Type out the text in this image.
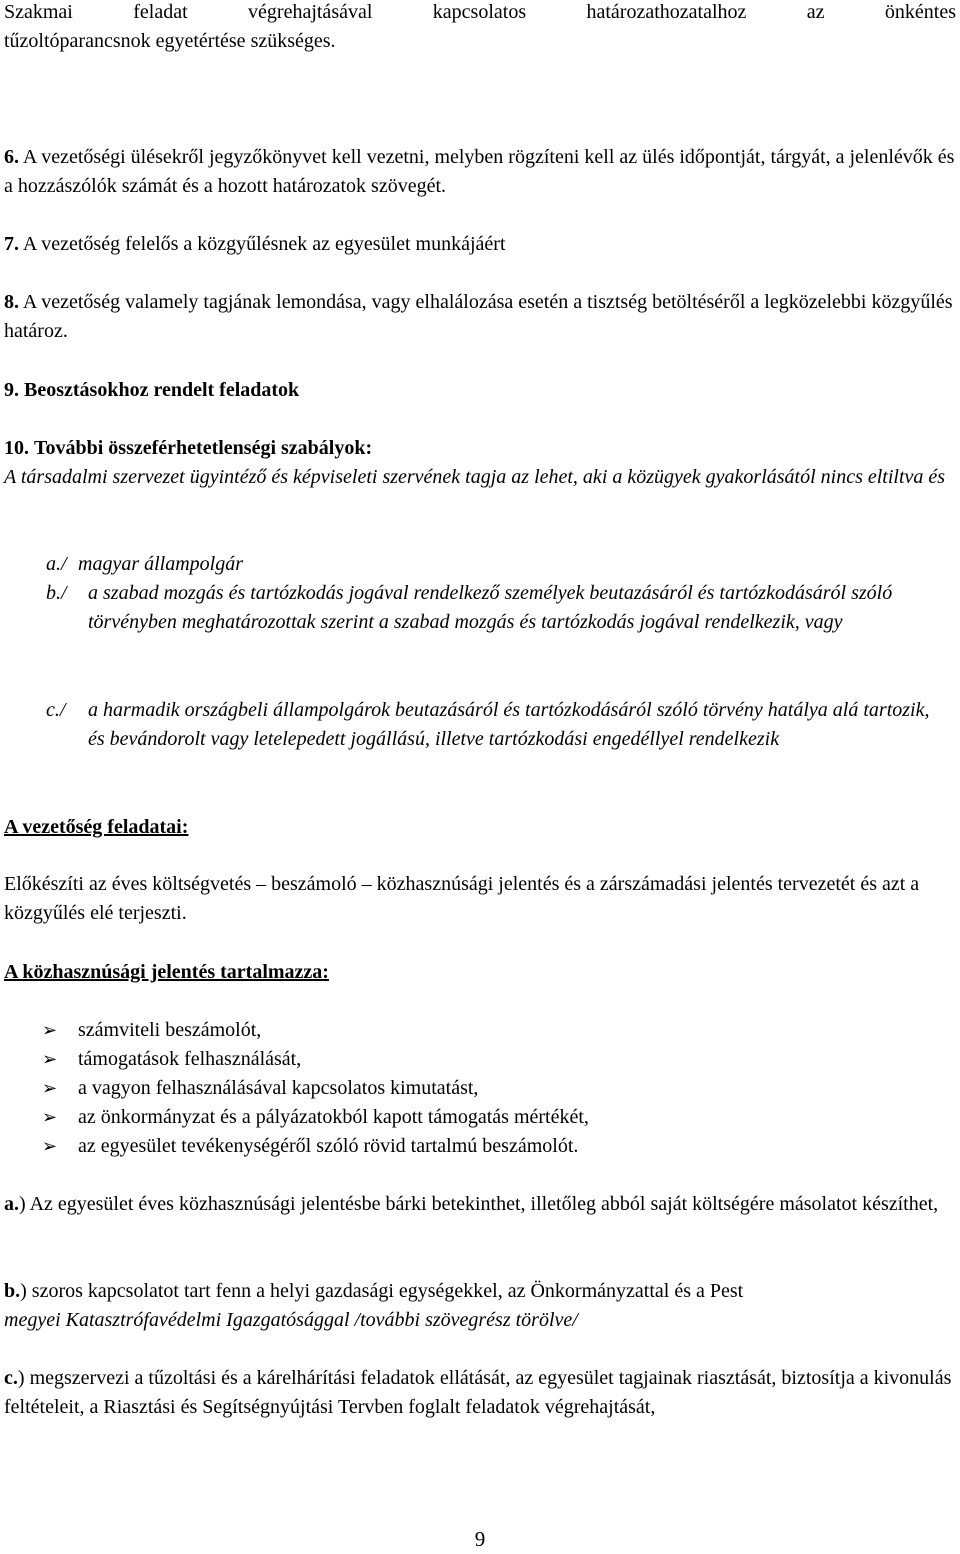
Szakmai feladat végrehajtásával kapcsolatos határozathozatalhoz az önkéntes

tűzoltóparancsnok egyetértése szükséges.

6. A vezetőségi ülésekről jegyzőkönyvet kell vezetni, melyben rögzíteni kell az ülés időpontját, tárgyát, a jelenlévők és a hozzászólók számát és a hozott határozatok szövegét.

7. A vezetőség felelős a közgyűlésnek az egyesület munkájáért

8. A vezetőség valamely tagjának lemondása, vagy elhalálozása esetén a tisztség betöltéséről a legközelebbi közgyűlés határoz.

9. Beosztásokhoz rendelt feladatok

10. További összeférhetetlenségi szabályok:
A társadalmi szervezet ügyintéző és képviseleti szervének tagja az lehet, aki a közügyek gyakorlásától nincs eltiltva és

a./ magyar állampolgár
b./	a szabad mozgás és tartózkodás jogával rendelkező személyek beutazásáról és tartózkodásáról szóló törvényben meghatározottak szerint a szabad mozgás és tartózkodás jogával rendelkezik, vagy
c./	a harmadik országbeli állampolgárok beutazásáról és tartózkodásáról szóló törvény hatálya alá tartozik, és bevándorolt vagy letelepedett jogállású, illetve tartózkodási engedéllyel rendelkezik

A vezetőség feladatai:

Előkészíti az éves költségvetés – beszámoló – közhasznúsági jelentés és a zárszámadási jelentés tervezetét és azt a közgyűlés elé terjeszti.

A közhasznúsági jelentés tartalmazza:

➢ számviteli beszámolót,
➢ támogatások felhasználását,
➢ a vagyon felhasználásával kapcsolatos kimutatást,
➢ az önkormányzat és a pályázatokból kapott támogatás mértékét,
➢ az egyesület tevékenységéről szóló rövid tartalmú beszámolót.

a.) Az egyesület éves közhasznúsági jelentésbe bárki betekinthet, illetőleg abból saját költségére másolatot készíthet,

b.) szoros kapcsolatot tart fenn a helyi gazdasági egységekkel, az Önkormányzattal és a Pest
megyei Katasztrófavédelmi Igazgatósággal /további szövegrész törölve/

c.) megszervezi a tűzoltási és a kárelhárítási feladatok ellátását, az egyesület tagjainak riasztását, biztosítja a kivonulás feltételeit, a Riasztási és Segítségnyújtási Tervben foglalt feladatok végrehajtását,

9
